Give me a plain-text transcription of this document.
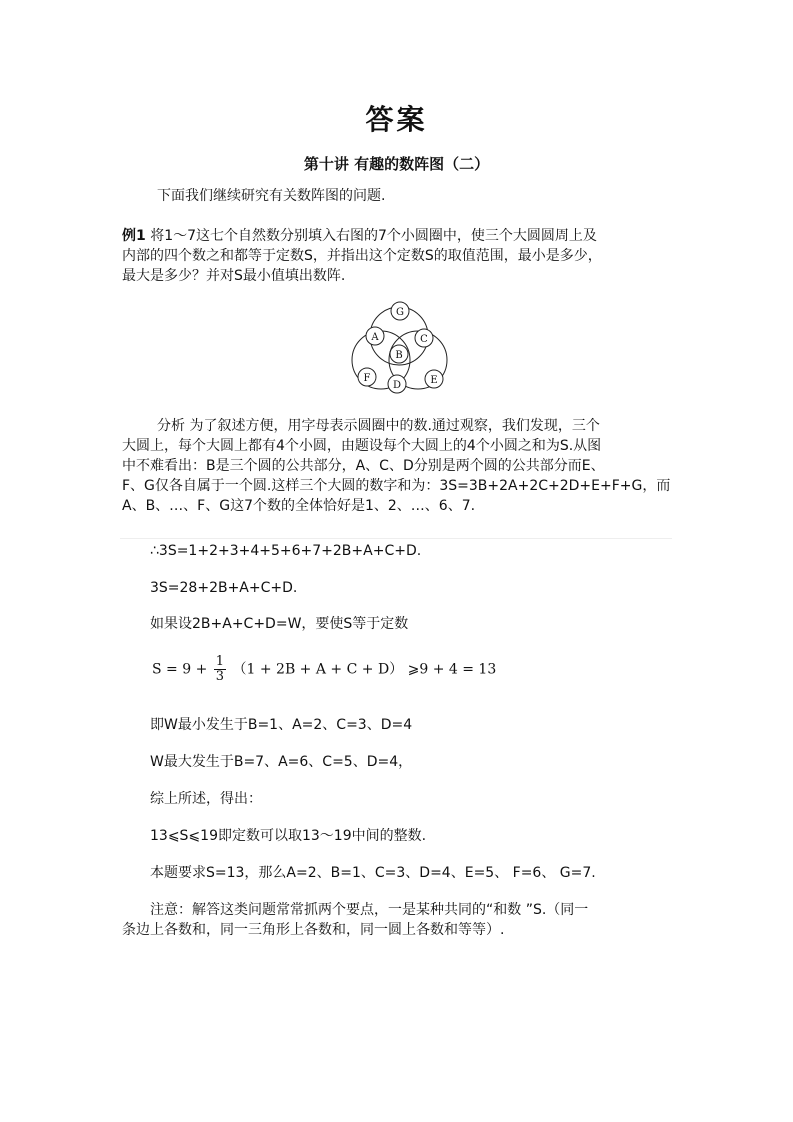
答案
第十讲 有趣的数阵图（二）
下面我们继续研究有关数阵图的问题.
例1 将1～7这七个自然数分别填入右图的7个小圆圈中，使三个大圆圆周上及
内部的四个数之和都等于定数S，并指出这个定数S的取值范围，最小是多少，
最大是多少？并对S最小值填出数阵.
G
A	C
B
F
D	E
分析 为了叙述方便，用字母表示圆圈中的数.通过观察，我们发现，三个
大圆上，每个大圆上都有4个小圆，由题设每个大圆上的4个小圆之和为S.从图
中不难看出：B是三个圆的公共部分，A、C、D分别是两个圆的公共部分而E、
F、G仅各自属于一个圆.这样三个大圆的数字和为：3S=3B+2A+2C+2D+E+F+G，而
A、B、…、F、G这7个数的全体恰好是1、2、…、6、7.
∴3S=1+2+3+4+5+6+7+2B+A+C+D.
3S=28+2B+A+C+D.
如果设2B+A+C+D=W，要使S等于定数
$S = 9 + \frac{1}{3} (1 + 2B + A + C + D)$ ⩾9 + 4 = 13
即W最小发生于B=1、A=2、C=3、D=4
W最大发生于B=7、A=6、C=5、D=4，
综上所述，得出：
13⩽S⩽19即定数可以取13～19中间的整数.
本题要求S=13，那么A=2、B=1、C=3、D=4、E=5、 F=6、 G=7.
注意：解答这类问题常常抓两个要点，一是某种共同的“和数 ”S.（同一
条边上各数和，同一三角形上各数和，同一圆上各数和等等）.
